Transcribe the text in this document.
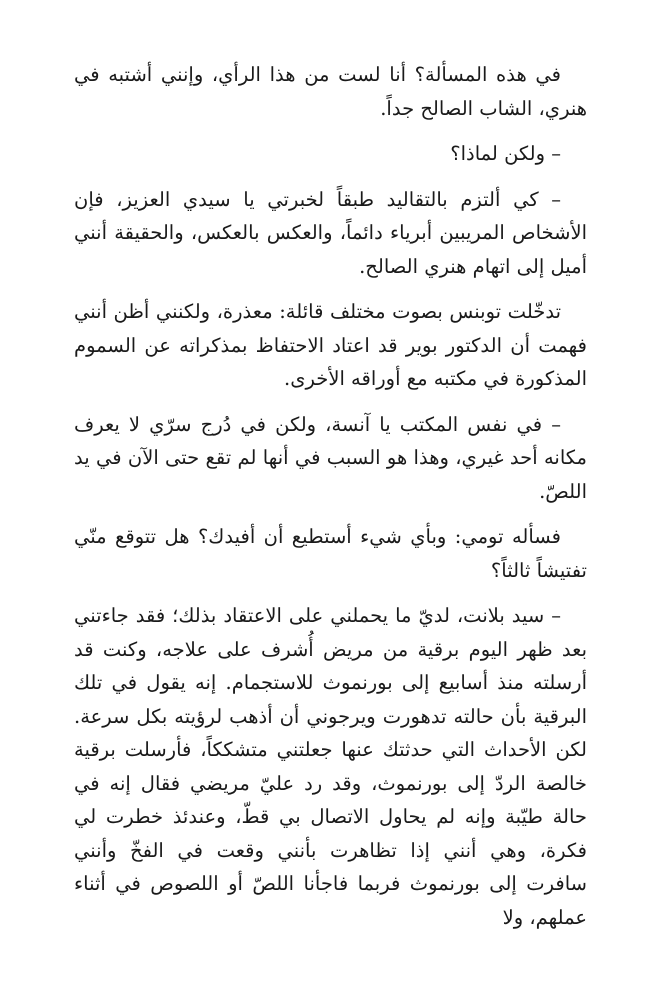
في هذه المسألة؟ أنا لست من هذا الرأي، وإنني أشتبه في هنري، الشاب الصالح جداً.

– ولكن لماذا؟

– كي ألتزم بالتقاليد طبقاً لخبرتي يا سيدي العزيز، فإن الأشخاص المريبين أبرياء دائماً، والعكس بالعكس، والحقيقة أنني أميل إلى اتهام هنري الصالح.

تدخّلت توبنس بصوت مختلف قائلة: معذرة، ولكنني أظن أنني فهمت أن الدكتور بوير قد اعتاد الاحتفاظ بمذكراته عن السموم المذكورة في مكتبه مع أوراقه الأخرى.

– في نفس المكتب يا آنسة، ولكن في دُرج سرّي لا يعرف مكانه أحد غيري، وهذا هو السبب في أنها لم تقع حتى الآن في يد اللصّ.

فسأله تومي: وبأي شيء أستطيع أن أفيدك؟ هل تتوقع منّي تفتيشاً ثالثاً؟

– سيد بلانت، لديّ ما يحملني على الاعتقاد بذلك؛ فقد جاءتني بعد ظهر اليوم برقية من مريض أُشرف على علاجه، وكنت قد أرسلته منذ أسابيع إلى بورنموث للاستجمام. إنه يقول في تلك البرقية بأن حالته تدهورت ويرجوني أن أذهب لرؤيته بكل سرعة. لكن الأحداث التي حدثتك عنها جعلتني متشككاً، فأرسلت برقية خالصة الردّ إلى بورنموث، وقد رد عليّ مريضي فقال إنه في حالة طيّبة وإنه لم يحاول الاتصال بي قطّ، وعندئذ خطرت لي فكرة، وهي أنني إذا تظاهرت بأنني وقعت في الفخّ وأنني سافرت إلى بورنموث فربما فاجأنا اللصّ أو اللصوص في أثناء عملهم، ولا
